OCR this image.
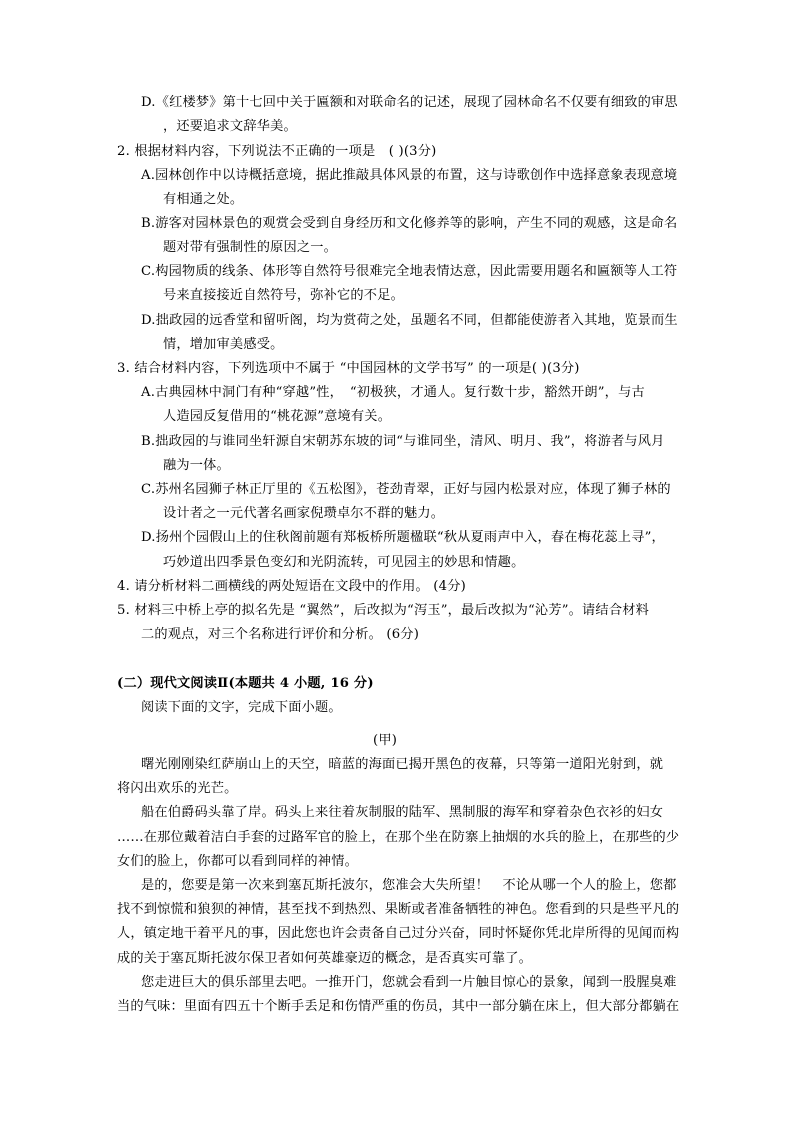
D.《红楼梦》第十七回中关于匾额和对联命名的记述，展现了园林命名不仅要有细致的审思
，还要追求文辞华美。
2. 根据材料内容，下列说法不正确的一项是　( )(3分)
A.园林创作中以诗概括意境，据此推敲具体风景的布置，这与诗歌创作中选择意象表现意境
有相通之处。
B.游客对园林景色的观赏会受到自身经历和文化修养等的影响，产生不同的观感，这是命名
题对带有强制性的原因之一。
C.构园物质的线条、体形等自然符号很难完全地表情达意，因此需要用题名和匾额等人工符
号来直接接近自然符号，弥补它的不足。
D.拙政园的远香堂和留听阁，均为赏荷之处，虽题名不同，但都能使游者入其地，览景而生
情，增加审美感受。
3. 结合材料内容，下列选项中不属于 “中国园林的文学书写” 的一项是( )(3分)
A.古典园林中洞门有种“穿越”性，　“初极狭，才通人。复行数十步，豁然开朗”，与古
人造园反复借用的“桃花源”意境有关。
B.拙政园的与谁同坐轩源自宋朝苏东坡的词“与谁同坐，清风、明月、我”，将游者与风月
融为一体。
C.苏州名园狮子林正厅里的《五松图》，苍劲青翠，正好与园内松景对应，体现了狮子林的
设计者之一元代著名画家倪瓒卓尔不群的魅力。
D.扬州个园假山上的住秋阁前题有郑板桥所题楹联“秋从夏雨声中入，春在梅花蕊上寻”，
巧妙道出四季景色变幻和光阴流转，可见园主的妙思和情趣。
4. 请分析材料二画横线的两处短语在文段中的作用。 (4分)
5. 材料三中桥上亭的拟名先是 “翼然”，后改拟为“泻玉”，最后改拟为“沁芳”。请结合材料
二的观点，对三个名称进行评价和分析。 (6分)
(二）现代文阅读Ⅱ(本题共 4 小题, 16 分)
阅读下面的文字，完成下面小题。
(甲)
曙光刚刚染红萨崩山上的天空，暗蓝的海面已揭开黑色的夜幕，只等第一道阳光射到，就
将闪出欢乐的光芒。
船在伯爵码头靠了岸。码头上来往着灰制服的陆军、黑制服的海军和穿着杂色衣衫的妇女
……在那位戴着洁白手套的过路军官的脸上，在那个坐在防寨上抽烟的水兵的脸上，在那些的少
女们的脸上，你都可以看到同样的神情。
是的，您要是第一次来到塞瓦斯托波尔，您准会大失所望！　不论从哪一个人的脸上，您都
找不到惊慌和狼狈的神情，甚至找不到热烈、果断或者准备牺牲的神色。您看到的只是些平凡的
人，镇定地干着平凡的事，因此您也许会责备自己过分兴奋，同时怀疑你凭北岸所得的见闻而构
成的关于塞瓦斯托波尔保卫者如何英雄豪迈的概念，是否真实可靠了。
您走进巨大的俱乐部里去吧。一推开门，您就会看到一片触目惊心的景象，闻到一股腥臭难
当的气味：里面有四五十个断手丢足和伤情严重的伤员，其中一部分躺在床上，但大部分都躺在
